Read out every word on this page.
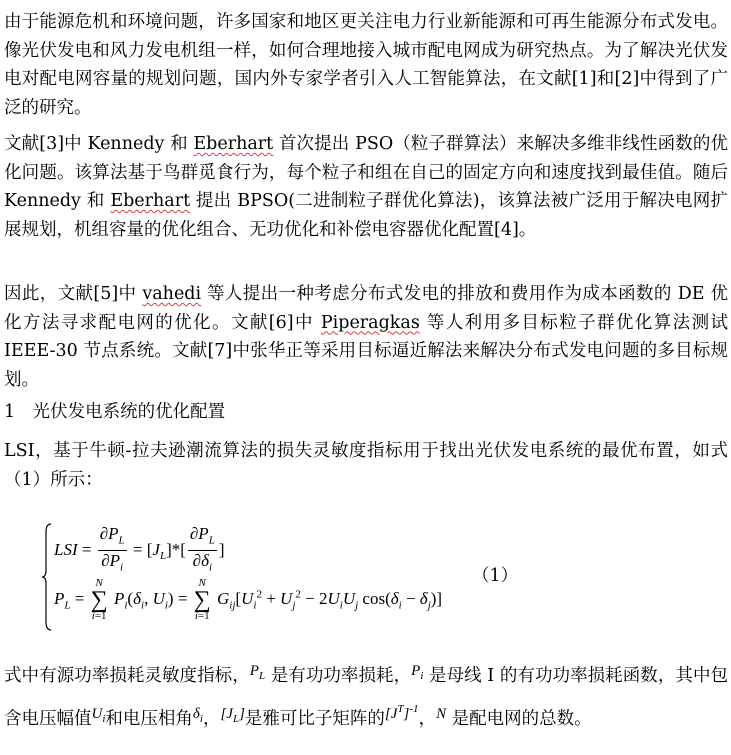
由于能源危机和环境问题，许多国家和地区更关注电力行业新能源和可再生能源分布式发电。像光伏发电和风力发电机组一样，如何合理地接入城市配电网成为研究热点。为了解决光伏发电对配电网容量的规划问题，国内外专家学者引入人工智能算法，在文献[1]和[2]中得到了广泛的研究。

文献[3]中 Kennedy 和 Eberhart 首次提出 PSO（粒子群算法）来解决多维非线性函数的优化问题。该算法基于鸟群觅食行为，每个粒子和组在自己的固定方向和速度找到最佳值。随后 Kennedy 和 Eberhart 提出 BPSO(二进制粒子群优化算法)，该算法被广泛用于解决电网扩展规划，机组容量的优化组合、无功优化和补偿电容器优化配置[4]。

因此，文献[5]中 vahedi 等人提出一种考虑分布式发电的排放和费用作为成本函数的 DE 优化方法寻求配电网的优化。文献[6]中 Piperagkas 等人利用多目标粒子群优化算法测试 IEEE-30 节点系统。文献[7]中张华正等采用目标逼近解法来解决分布式发电问题的多目标规划。

1　光伏发电系统的优化配置

LSI，基于牛顿-拉夫逊潮流算法的损失灵敏度指标用于找出光伏发电系统的最优布置，如式（1）所示：

LSI = $\frac{\partial P_L}{\partial P_i} = [J_L]*[ \frac{\partial P_L}{\partial\delta_i}$ ]
$P_L = N$
∑
i=1 $P_i(\delta_i$, $U_i) = N$
∑
i=1 $G_{ij}[U_i^2 + U_j^2 - 2U_iU_j$ $\cos(\delta_i - \delta_j)$]
（1）

式中有源功率损耗灵敏度指标，$P_L$ 是有功功率损耗，$P_i$ 是母线 I 的有功功率损耗函数，其中包含电压幅值$U_i$和电压相角$\delta_i$，$[J_L]$是雅可比子矩阵的$[J^T]^{-1}$，N 是配电网的总数。
